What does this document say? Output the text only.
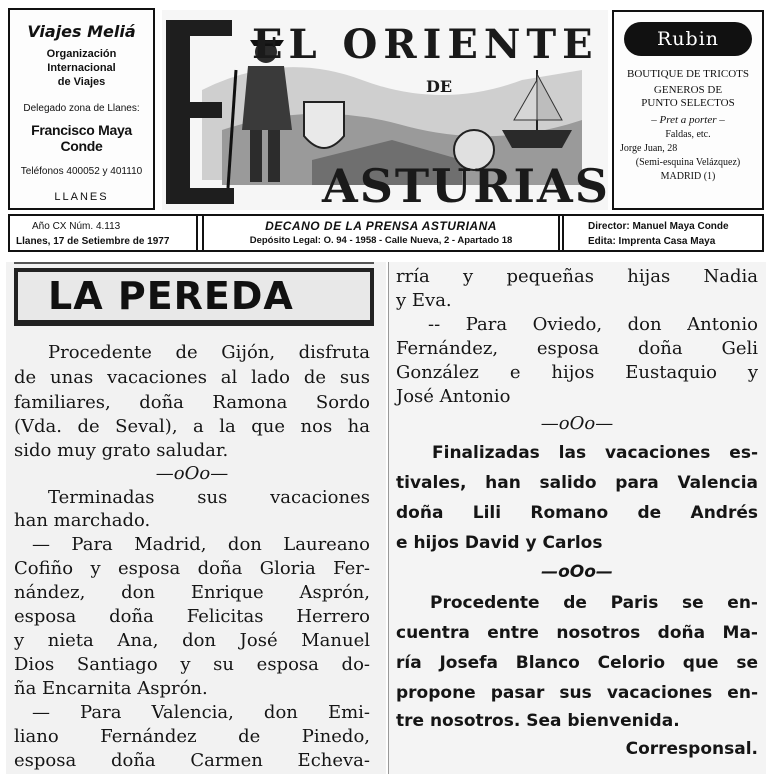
Viajes Meliá
Organización Internacional
de Viajes
Delegado zona de Llanes:
Francisco Maya Conde
Teléfonos 400052 y 401110
LLANES
EL ORIENTE
DE
ASTURIAS
Rubin
BOUTIQUE DE TRICOTS
GENEROS DE
PUNTO SELECTOS
– Pret a porter –
Faldas, etc.
Jorge Juan, 28
(Semi-esquina Velázquez)
MADRID (1)
Año CX Núm. 4.113
Llanes, 17 de Setiembre de 1977
DECANO DE LA PRENSA ASTURIANA
Depósito Legal: O. 94 - 1958 - Calle Nueva, 2 - Apartado 18
Director: Manuel Maya Conde
Edita: Imprenta Casa Maya
LA PEREDA
Procedente de Gijón, disfruta
de unas vacaciones al lado de sus
familiares, doña Ramona Sordo
(Vda. de Seval), a la que nos ha
sido muy grato saludar.
—oOo—
Terminadas sus vacaciones
han marchado.
— Para Madrid, don Laureano
Cofiño y esposa doña Gloria Fer-
nández, don Enrique Asprón,
esposa doña Felicitas Herrero
y nieta Ana, don José Manuel
Dios Santiago y su esposa do-
ña Encarnita Asprón.
— Para Valencia, don Emi-
liano Fernández de Pinedo,
esposa doña Carmen Echeva-
rría y pequeñas hijas Nadia
y Eva.
-- Para Oviedo, don Antonio
Fernández, esposa doña Geli
González e hijos Eustaquio y
José Antonio
—oOo—
Finalizadas las vacaciones es-
tivales, han salido para Valencia
doña Lili Romano de Andrés
e hijos David y Carlos
—oOo—
Procedente de Paris se en-
cuentra entre nosotros doña Ma-
ría Josefa Blanco Celorio que se
propone pasar sus vacaciones en-
tre nosotros. Sea bienvenida.
Corresponsal.
